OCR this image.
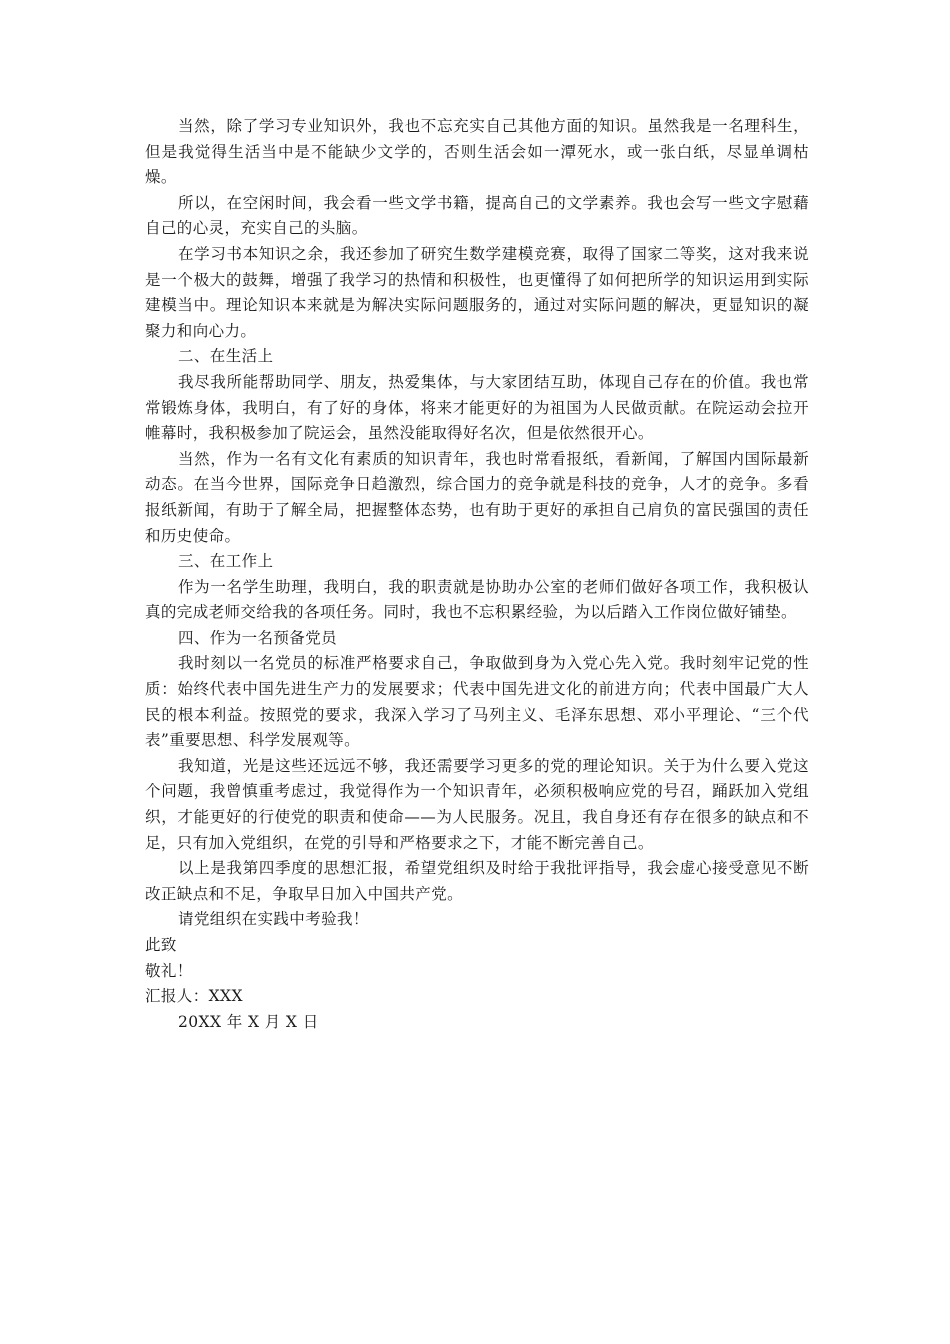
当然，除了学习专业知识外，我也不忘充实自己其他方面的知识。虽然我是一名理科生，但是我觉得生活当中是不能缺少文学的，否则生活会如一潭死水，或一张白纸，尽显单调枯燥。

所以，在空闲时间，我会看一些文学书籍，提高自己的文学素养。我也会写一些文字慰藉自己的心灵，充实自己的头脑。

在学习书本知识之余，我还参加了研究生数学建模竞赛，取得了国家二等奖，这对我来说是一个极大的鼓舞，增强了我学习的热情和积极性，也更懂得了如何把所学的知识运用到实际建模当中。理论知识本来就是为解决实际问题服务的，通过对实际问题的解决，更显知识的凝聚力和向心力。

二、在生活上

我尽我所能帮助同学、朋友，热爱集体，与大家团结互助，体现自己存在的价值。我也常常锻炼身体，我明白，有了好的身体，将来才能更好的为祖国为人民做贡献。在院运动会拉开帷幕时，我积极参加了院运会，虽然没能取得好名次，但是依然很开心。

当然，作为一名有文化有素质的知识青年，我也时常看报纸，看新闻，了解国内国际最新动态。在当今世界，国际竞争日趋激烈，综合国力的竞争就是科技的竞争，人才的竞争。多看报纸新闻，有助于了解全局，把握整体态势，也有助于更好的承担自己肩负的富民强国的责任和历史使命。

三、在工作上

作为一名学生助理，我明白，我的职责就是协助办公室的老师们做好各项工作，我积极认真的完成老师交给我的各项任务。同时，我也不忘积累经验，为以后踏入工作岗位做好铺垫。

四、作为一名预备党员

我时刻以一名党员的标准严格要求自己，争取做到身为入党心先入党。我时刻牢记党的性质：始终代表中国先进生产力的发展要求；代表中国先进文化的前进方向；代表中国最广大人民的根本利益。按照党的要求，我深入学习了马列主义、毛泽东思想、邓小平理论、“三个代表”重要思想、科学发展观等。

我知道，光是这些还远远不够，我还需要学习更多的党的理论知识。关于为什么要入党这个问题，我曾慎重考虑过，我觉得作为一个知识青年，必须积极响应党的号召，踊跃加入党组织，才能更好的行使党的职责和使命——为人民服务。况且，我自身还有存在很多的缺点和不足，只有加入党组织，在党的引导和严格要求之下，才能不断完善自己。

以上是我第四季度的思想汇报，希望党组织及时给于我批评指导，我会虚心接受意见不断改正缺点和不足，争取早日加入中国共产党。

请党组织在实践中考验我！

此致

敬礼！

汇报人：XXX

20XX 年 X 月 X 日
